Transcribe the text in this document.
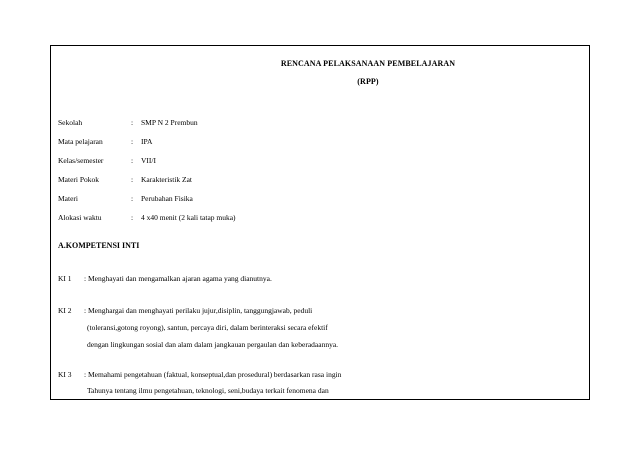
RENCANA PELAKSANAAN PEMBELAJARAN
(RPP)
Sekolah	: SMP N 2 Prembun
Mata pelajaran	: IPA
Kelas/semester	: VII/I
Materi Pokok	: Karakteristik Zat
Materi	: Perubahan Fisika
Alokasi waktu	: 4 x40 menit (2 kali tatap muka)
A.KOMPETENSI INTI
KI 1 : Menghayati dan mengamalkan ajaran agama yang dianutnya.
KI 2 : Menghargai dan menghayati perilaku jujur,disiplin, tanggungjawab, peduli
(toleransi,gotong royong), santun, percaya diri, dalam berinteraksi secara efektif
dengan lingkungan sosial dan alam dalam jangkauan pergaulan dan keberadaannya.
KI 3 : Memahami pengetahuan (faktual, konseptual,dan prosedural) berdasarkan rasa ingin
Tahunya tentang ilmu pengetahuan, teknologi, seni,budaya terkait fenomena dan
